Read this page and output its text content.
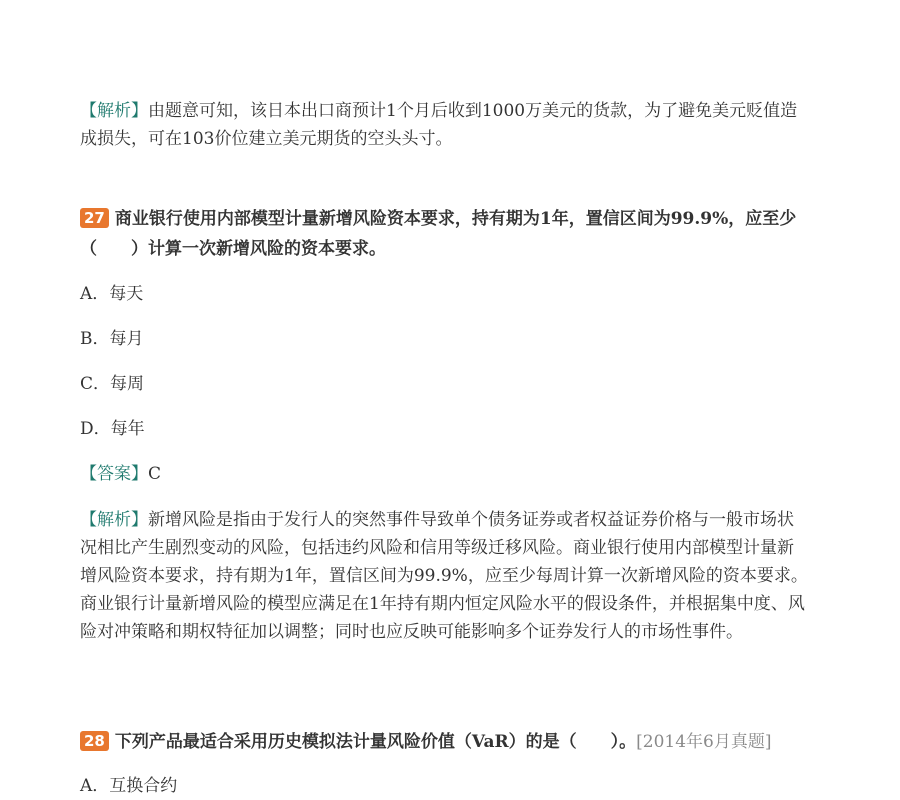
【解析】由题意可知，该日本出口商预计1个月后收到1000万美元的货款，为了避免美元贬值造成损失，可在103价位建立美元期货的空头头寸。

27 商业银行使用内部模型计量新增风险资本要求，持有期为1年，置信区间为99.9%，应至少（　　）计算一次新增风险的资本要求。

A．每天

B．每月

C．每周

D．每年

【答案】C

【解析】新增风险是指由于发行人的突然事件导致单个债务证券或者权益证券价格与一般市场状况相比产生剧烈变动的风险，包括违约风险和信用等级迁移风险。商业银行使用内部模型计量新增风险资本要求，持有期为1年，置信区间为99.9%，应至少每周计算一次新增风险的资本要求。商业银行计量新增风险的模型应满足在1年持有期内恒定风险水平的假设条件，并根据集中度、风险对冲策略和期权特征加以调整；同时也应反映可能影响多个证券发行人的市场性事件。

28 下列产品最适合采用历史模拟法计量风险价值（VaR）的是（　　）。[2014年6月真题]

A．互换合约
